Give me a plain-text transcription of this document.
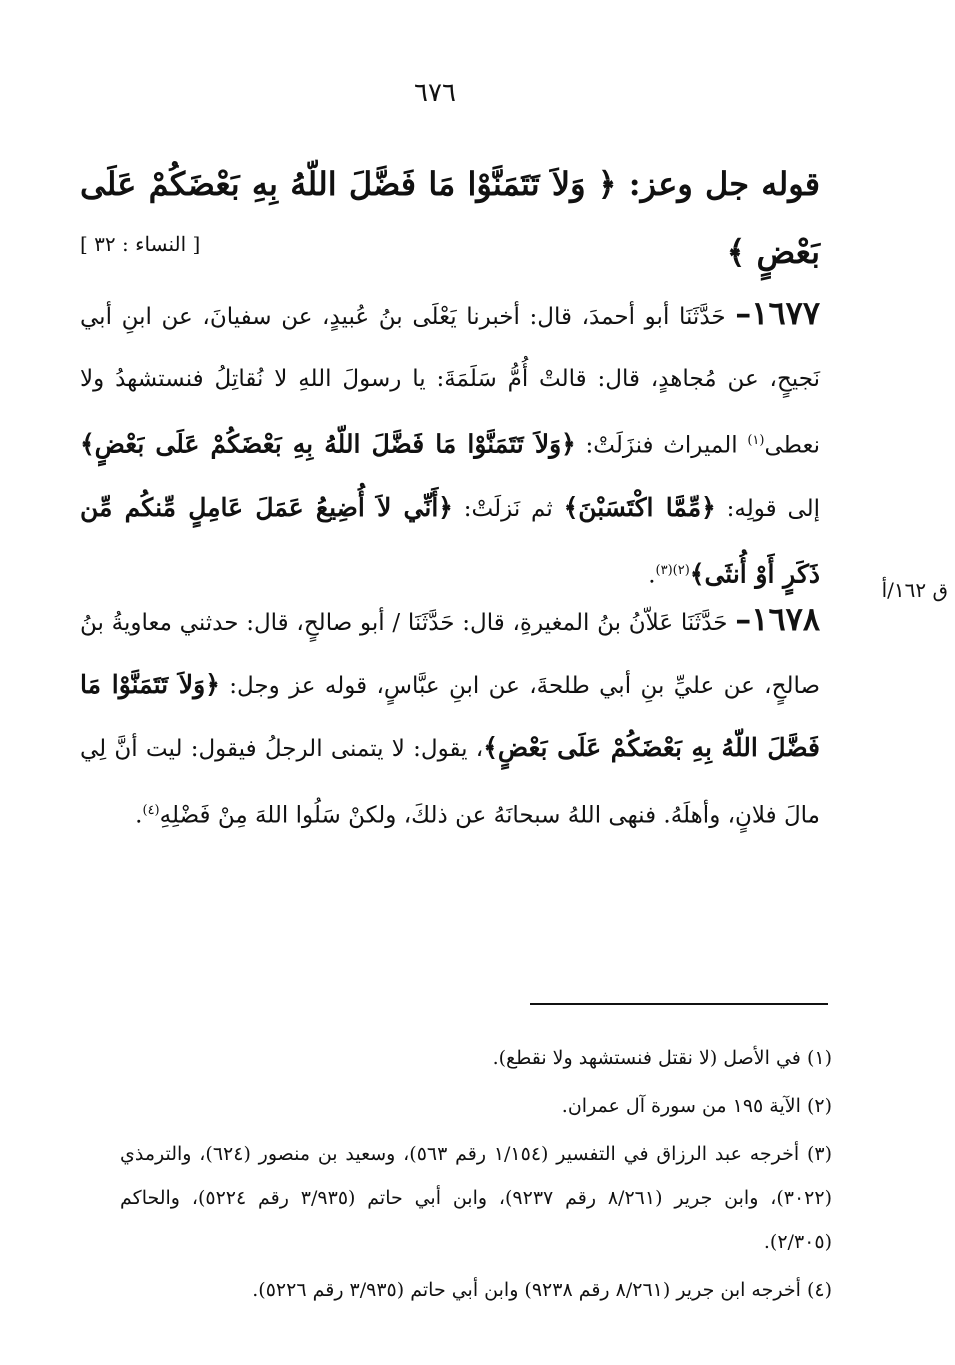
٦٧٦
قوله جل وعز: ﴿ وَلاَ تَتَمَنَّوْا مَا فَضَّلَ اللّهُ بِهِ بَعْضَكُمْ عَلَى بَعْضٍ ﴾
[ النساء : ٣٢ ]
١٦٧٧– حَدَّثَنَا أبو أحمدَ، قال: أخبرنا يَعْلَى بنُ عُبيدٍ، عن سفيانَ، عن ابنِ أبي نَجيحٍ، عن مُجاهدٍ، قال: قالتْ أُمُّ سَلَمَةَ: يا رسولَ اللهِ لا نُقاتِلُ فنستشهدُ ولا نعطى$^{(١)}$ الميراث فنزَلَتْ: ﴿وَلاَ تَتَمَنَّوْا مَا فَضَّلَ اللّهُ بِهِ بَعْضَكُمْ عَلَى بَعْضٍ﴾ إلى قولِه: ﴿مِّمَّا اكْتَسَبْنَ﴾ ثم نَزلَتْ: ﴿أَنِّي لاَ أُضِيعُ عَمَلَ عَامِلٍ مِّنكُم مِّن ذَكَرٍ أَوْ أُنثَى﴾$^{(٢)(٣)}$.
ق ١٦٢/أ
١٦٧٨– حَدَّثَنَا عَلاّنُ بنُ المغيرةِ، قال: حَدَّثَنَا / أبو صالحٍ، قال: حدثني معاويةُ بنُ صالحٍ، عن عليِّ بنِ أبي طلحةَ، عن ابنِ عبَّاسٍ، قوله عز وجل: ﴿وَلاَ تَتَمَنَّوْا مَا فَضَّلَ اللّهُ بِهِ بَعْضَكُمْ عَلَى بَعْضٍ﴾، يقول: لا يتمنى الرجلُ فيقول: ليت أنَّ لِي مالَ فلانٍ، وأهلَهُ. فنهى اللهُ سبحانَهُ عن ذلكَ، ولكنْ سَلُوا اللهَ مِنْ فَضْلِهِ$^{(٤)}$.
(١) في الأصل (لا نقتل فنستشهد ولا نقطع).
(٢) الآية ١٩٥ من سورة آل عمران.
(٣) أخرجه عبد الرزاق في التفسير (١/١٥٤ رقم ٥٦٣)، وسعيد بن منصور (٦٢٤)، والترمذي (٣٠٢٢)، وابن جرير (٨/٢٦١ رقم ٩٢٣٧)، وابن أبي حاتم (٣/٩٣٥ رقم ٥٢٢٤)، والحاكم (٢/٣٠٥).
(٤) أخرجه ابن جرير (٨/٢٦١ رقم ٩٢٣٨) وابن أبي حاتم (٣/٩٣٥ رقم ٥٢٢٦).
